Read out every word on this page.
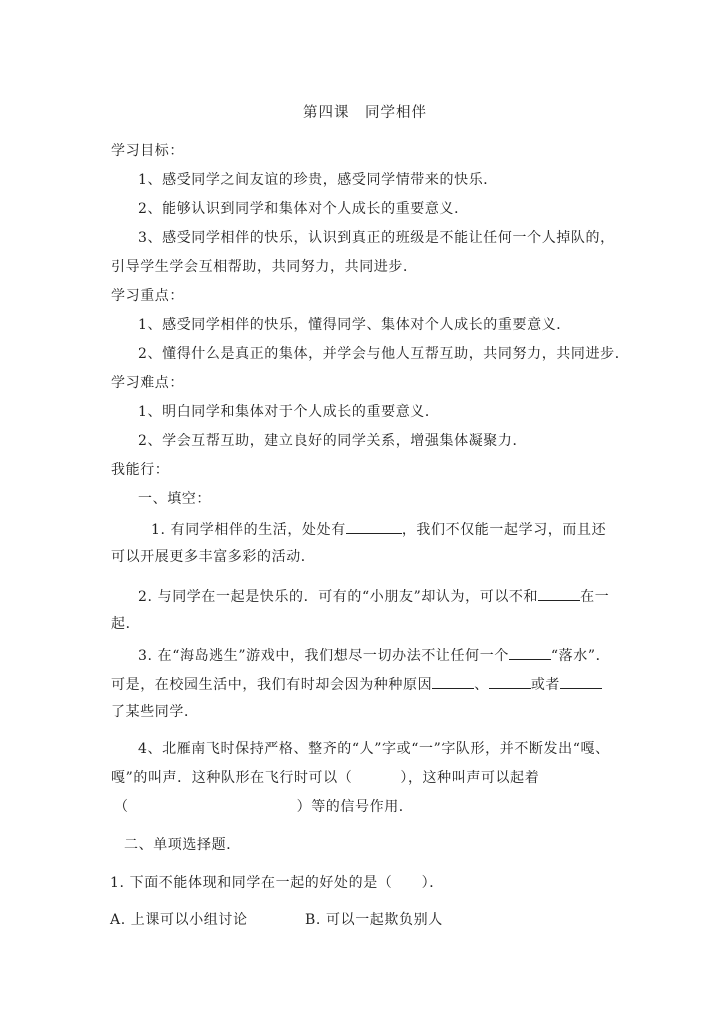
第四课　同学相伴
学习目标：
1、感受同学之间友谊的珍贵，感受同学情带来的快乐．
2、能够认识到同学和集体对个人成长的重要意义．
3、感受同学相伴的快乐，认识到真正的班级是不能让任何一个人掉队的，
引导学生学会互相帮助，共同努力，共同进步．
学习重点：
1、感受同学相伴的快乐，懂得同学、集体对个人成长的重要意义．
2、懂得什么是真正的集体，并学会与他人互帮互助，共同努力，共同进步．
学习难点：
1、明白同学和集体对于个人成长的重要意义．
2、学会互帮互助，建立良好的同学关系，增强集体凝聚力．
我能行：
一、填空：
1. 有同学相伴的生活，处处有	，我们不仅能一起学习，而且还
可以开展更多丰富多彩的活动．
2. 与同学在一起是快乐的．可有的“小朋友”却认为，可以不和	在一
起．
3. 在“海岛逃生”游戏中，我们想尽一切办法不让任何一个	“落水”．
可是，在校园生活中，我们有时却会因为种种原因	、	或者
了某些同学．
4、北雁南飞时保持严格、整齐的“人”字或“一”字队形，并不断发出“嘎、
嘎”的叫声．这种队形在飞行时可以（	），这种叫声可以起着
（	）等的信号作用．
二、单项选择题．
1. 下面不能体现和同学在一起的好处的是（　　）．
A. 上课可以小组讨论	B. 可以一起欺负别人
